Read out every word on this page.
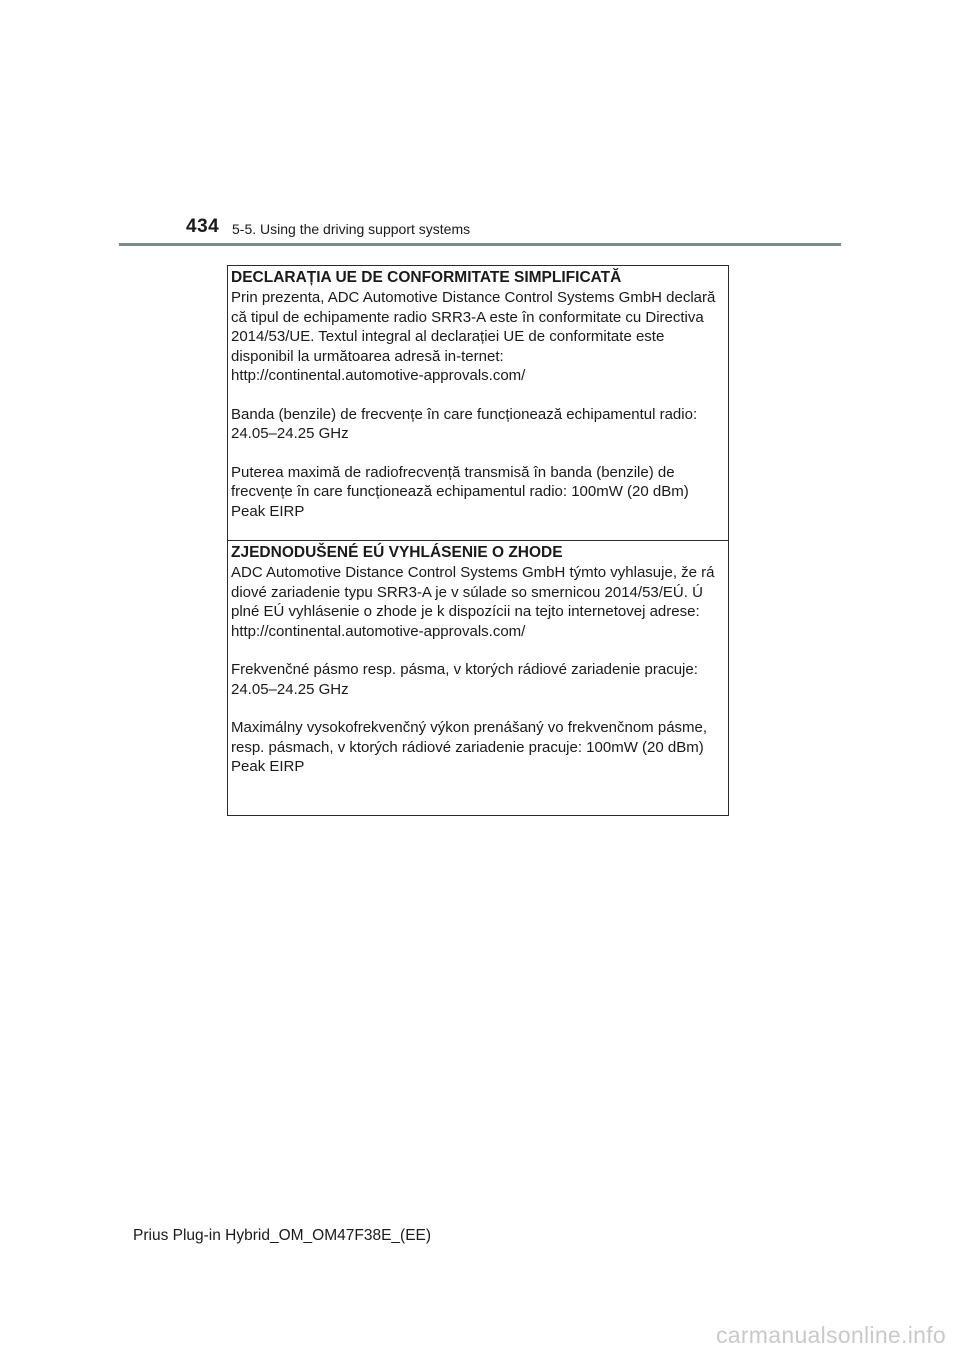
434 5-5. Using the driving support systems

DECLARAȚIA UE DE CONFORMITATE SIMPLIFICATĂ

Prin prezenta, ADC Automotive Distance Control Systems GmbH declară
că tipul de echipamente radio SRR3-A este în conformitate cu Directiva
2014/53/UE. Textul integral al declarației UE de conformitate este
disponibil la următoarea adresă in-ternet:
http://continental.automotive-approvals.com/

Banda (benzile) de frecvențe în care funcționează echipamentul radio:
24.05–24.25 GHz

Puterea maximă de radiofrecvență transmisă în banda (benzile) de
frecvențe în care funcționează echipamentul radio: 100mW (20 dBm)
Peak EIRP

ZJEDNODUŠENÉ EÚ VYHLÁSENIE O ZHODE

ADC Automotive Distance Control Systems GmbH týmto vyhlasuje, že rá
diové zariadenie typu SRR3-A je v súlade so smernicou 2014/53/EÚ. Ú
plné EÚ vyhlásenie o zhode je k dispozícii na tejto internetovej adrese:
http://continental.automotive-approvals.com/

Frekvenčné pásmo resp. pásma, v ktorých rádiové zariadenie pracuje:
24.05–24.25 GHz

Maximálny vysokofrekvenčný výkon prenášaný vo frekvenčnom pásme,
resp. pásmach, v ktorých rádiové zariadenie pracuje: 100mW (20 dBm)
Peak EIRP

Prius Plug-in Hybrid_OM_OM47F38E_(EE)
carmanualsonline.info
